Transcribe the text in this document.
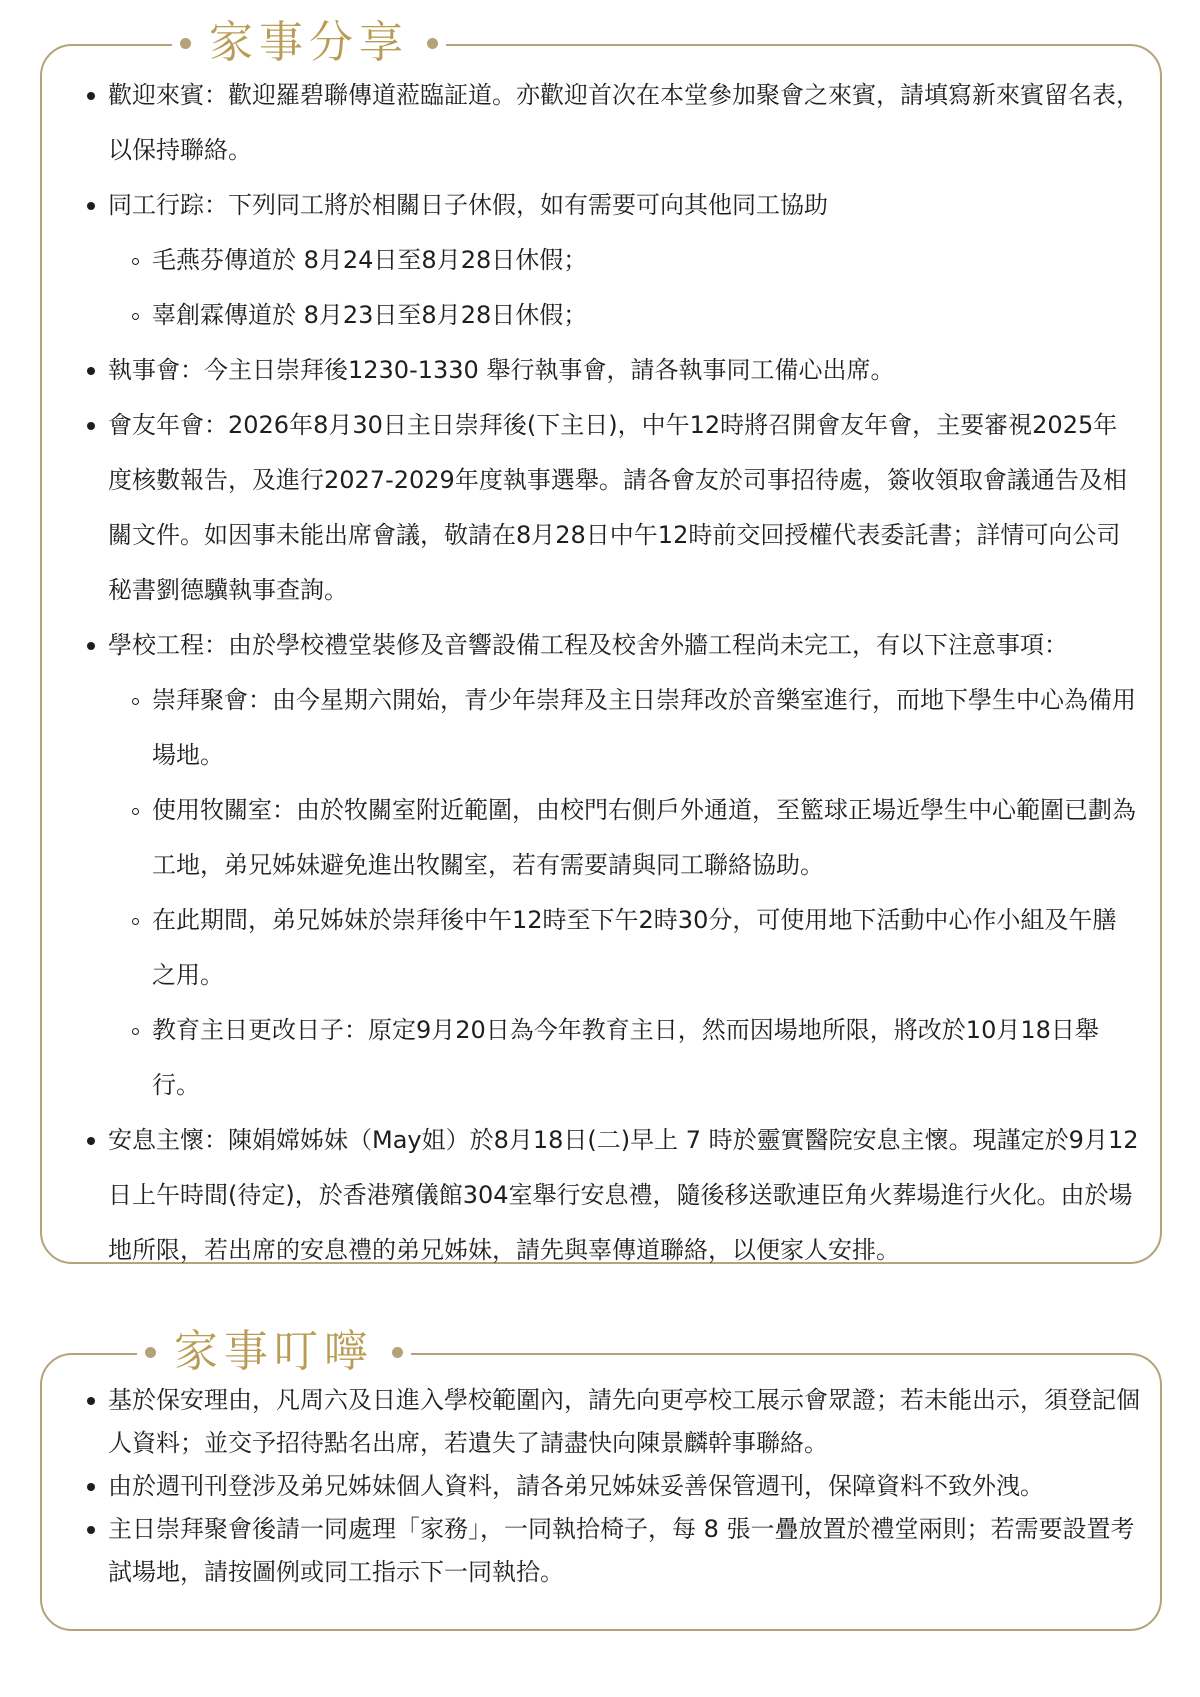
家事分享
歡迎來賓：歡迎羅碧聯傳道蒞臨証道。亦歡迎首次在本堂參加聚會之來賓，請填寫新來賓留名表，以保持聯絡。
同工行踪：下列同工將於相關日子休假，如有需要可向其他同工協助
毛燕芬傳道於 8月24日至8月28日休假；
辜創霖傳道於 8月23日至8月28日休假；
執事會：今主日崇拜後1230-1330 舉行執事會，請各執事同工備心出席。
會友年會：2026年8月30日主日崇拜後(下主日)，中午12時將召開會友年會，主要審視2025年度核數報告，及進行2027-2029年度執事選舉。請各會友於司事招待處，簽收領取會議通告及相關文件。如因事未能出席會議，敬請在8月28日中午12時前交回授權代表委託書；詳情可向公司秘書劉德驥執事查詢。
學校工程：由於學校禮堂裝修及音響設備工程及校舍外牆工程尚未完工，有以下注意事項：
崇拜聚會：由今星期六開始，青少年崇拜及主日崇拜改於音樂室進行，而地下學生中心為備用場地。
使用牧關室：由於牧關室附近範圍，由校門右側戶外通道，至籃球正場近學生中心範圍已劃為工地，弟兄姊妹避免進出牧關室，若有需要請與同工聯絡協助。
在此期間，弟兄姊妹於崇拜後中午12時至下午2時30分，可使用地下活動中心作小組及午膳之用。
教育主日更改日子：原定9月20日為今年教育主日，然而因場地所限，將改於10月18日舉行。
安息主懷：陳娟嫦姊妹（May姐）於8月18日(二)早上 7 時於靈實醫院安息主懷。現謹定於9月12日上午時間(待定)，於香港殯儀館304室舉行安息禮，隨後移送歌連臣角火葬場進行火化。由於場地所限，若出席的安息禮的弟兄姊妹，請先與辜傳道聯絡，以便家人安排。
家事叮嚀
基於保安理由，凡周六及日進入學校範圍內，請先向更亭校工展示會眾證；若未能出示，須登記個人資料；並交予招待點名出席，若遺失了請盡快向陳景麟幹事聯絡。
由於週刊刊登涉及弟兄姊妹個人資料，請各弟兄姊妹妥善保管週刊，保障資料不致外洩。
主日崇拜聚會後請一同處理「家務」，一同執拾椅子，每 8 張一疊放置於禮堂兩則；若需要設置考試場地，請按圖例或同工指示下一同執拾。
